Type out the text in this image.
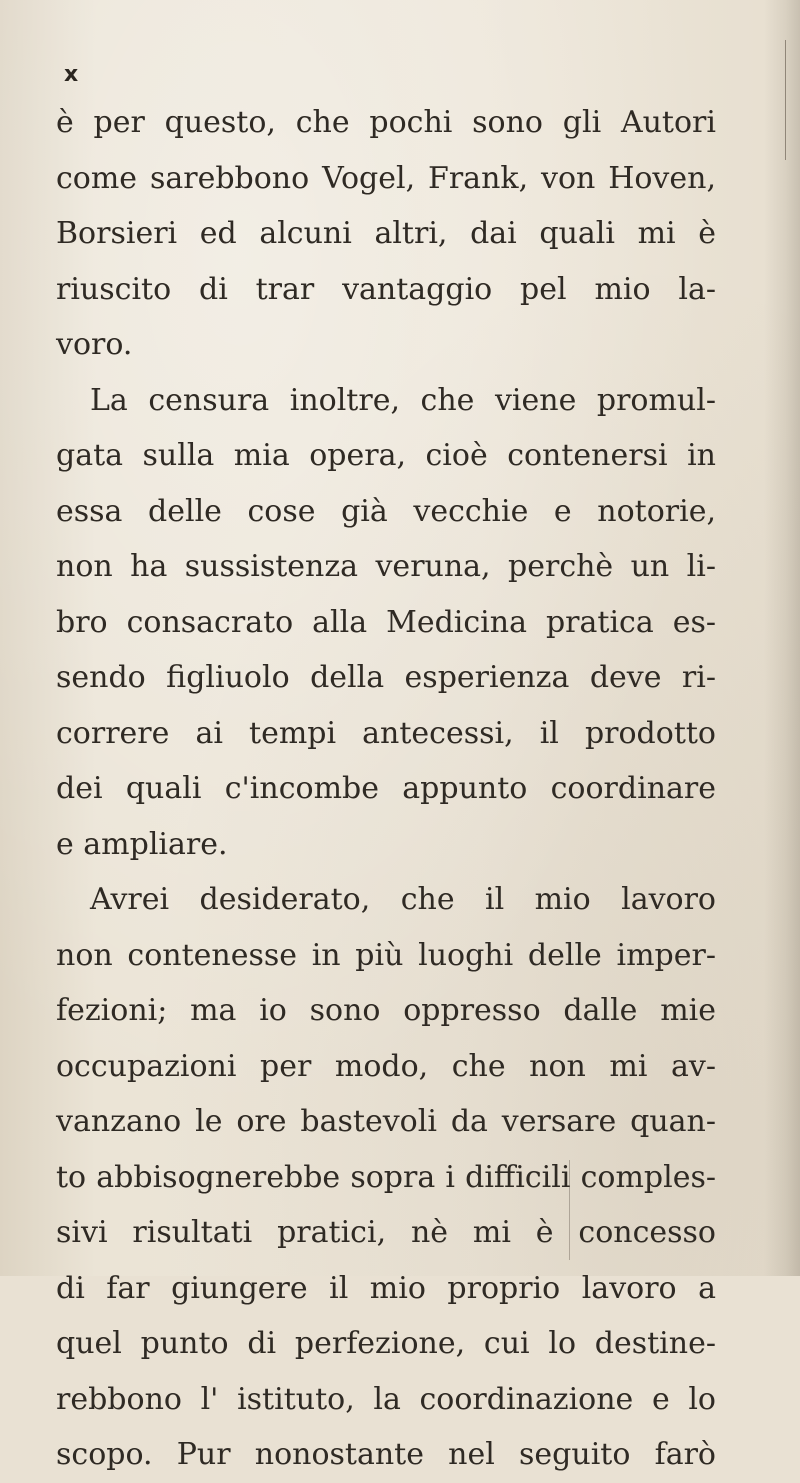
x
è per questo, che pochi sono gli Autori
come sarebbono Vogel, Frank, von Hoven,
Borsieri ed alcuni altri, dai quali mi è
riuscito di trar vantaggio pel mio la-
voro.
La censura inoltre, che viene promul-
gata sulla mia opera, cioè contenersi in
essa delle cose già vecchie e notorie,
non ha sussistenza veruna, perchè un li-
bro consacrato alla Medicina pratica es-
sendo figliuolo della esperienza deve ri-
correre ai tempi antecessi, il prodotto
dei quali c'incombe appunto coordinare
e ampliare.
Avrei desiderato, che il mio lavoro
non contenesse in più luoghi delle imper-
fezioni; ma io sono oppresso dalle mie
occupazioni per modo, che non mi av-
vanzano le ore bastevoli da versare quan-
to abbisognerebbe sopra i difficili comples-
sivi risultati pratici, nè mi è concesso
di far giungere il mio proprio lavoro a
quel punto di perfezione, cui lo destine-
rebbono l' istituto, la coordinazione e lo
scopo. Pur nonostante nel seguito farò
